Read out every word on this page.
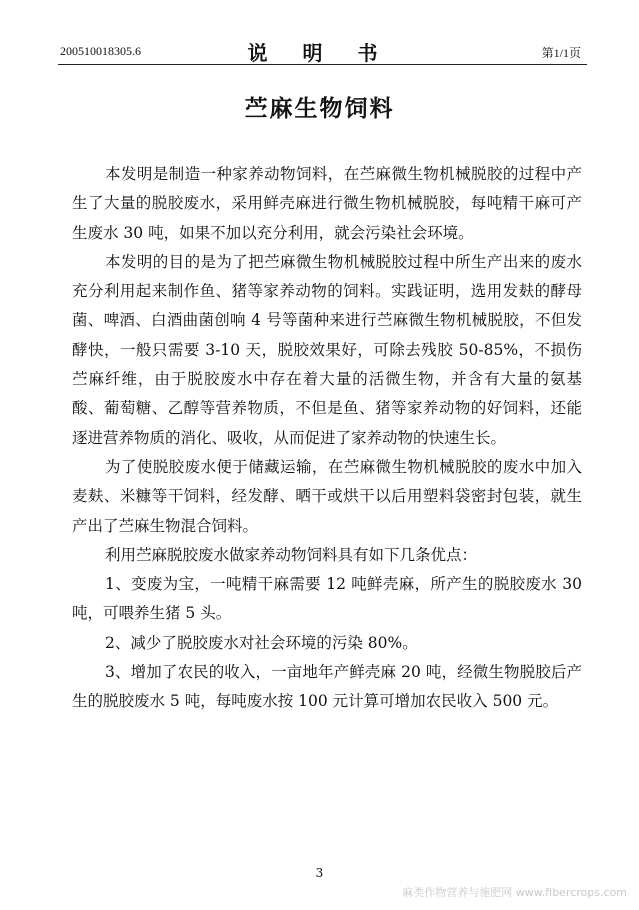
200510018305.6	说 明 书	第1/1页
苎麻生物饲料

本发明是制造一种家养动物饲料，在苎麻微生物机械脱胶的过程中产生了大量的脱胶废水，采用鲜壳麻进行微生物机械脱胶，每吨精干麻可产生废水 30 吨，如果不加以充分利用，就会污染社会环境。

本发明的目的是为了把苎麻微生物机械脱胶过程中所生产出来的废水充分利用起来制作鱼、猪等家养动物的饲料。实践证明，选用发麸的酵母菌、啤酒、白酒曲菌创响 4 号等菌种来进行苎麻微生物机械脱胶，不但发酵快，一般只需要 3-10 天，脱胶效果好，可除去残胶 50-85%，不损伤苎麻纤维，由于脱胶废水中存在着大量的活微生物，并含有大量的氨基酸、葡萄糖、乙醇等营养物质，不但是鱼、猪等家养动物的好饲料，还能逐进营养物质的消化、吸收，从而促进了家养动物的快速生长。

为了使脱胶废水便于储藏运输，在苎麻微生物机械脱胶的废水中加入麦麸、米糠等干饲料，经发酵、晒干或烘干以后用塑料袋密封包装，就生产出了苎麻生物混合饲料。

利用苎麻脱胶废水做家养动物饲料具有如下几条优点：

1、变废为宝，一吨精干麻需要 12 吨鲜壳麻，所产生的脱胶废水 30 吨，可喂养生猪 5 头。

2、减少了脱胶废水对社会环境的污染 80%。

3、增加了农民的收入，一亩地年产鲜壳麻 20 吨，经微生物脱胶后产生的脱胶废水 5 吨，每吨废水按 100 元计算可增加农民收入 500 元。

3
麻类作物营养与施肥网 www.fibercrops.com
